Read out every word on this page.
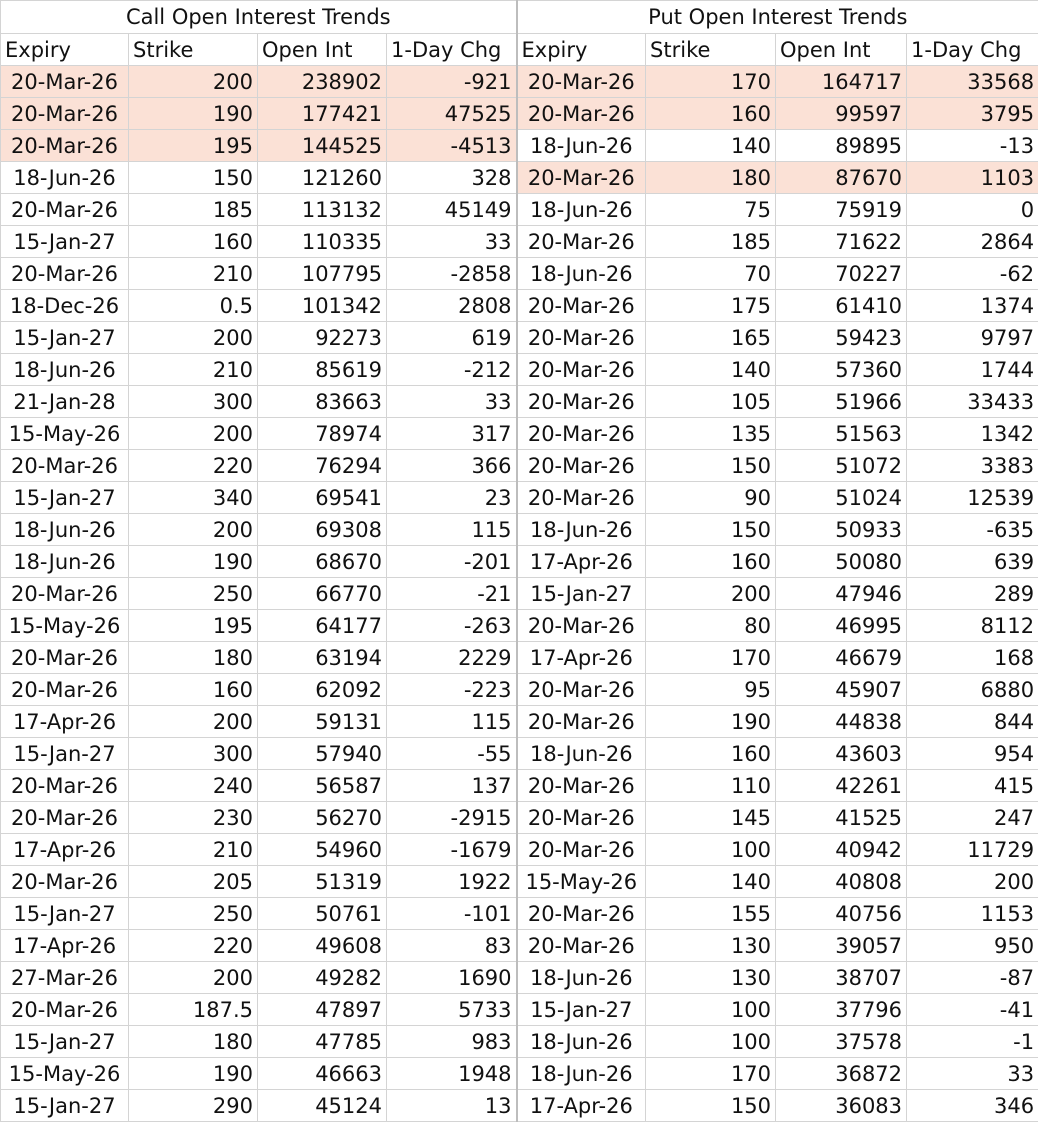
Call Open Interest Trends				Put Open Interest Trends			
Expiry	Strike	Open Int	1-Day Chg	Expiry	Strike	Open Int	1-Day Chg
20-Mar-26	200	238902	-921	20-Mar-26	170	164717	33568
20-Mar-26	190	177421	47525	20-Mar-26	160	99597	3795
20-Mar-26	195	144525	-4513	18-Jun-26	140	89895	-13
18-Jun-26	150	121260	328	20-Mar-26	180	87670	1103
20-Mar-26	185	113132	45149	18-Jun-26	75	75919	0
15-Jan-27	160	110335	33	20-Mar-26	185	71622	2864
20-Mar-26	210	107795	-2858	18-Jun-26	70	70227	-62
18-Dec-26	0.5	101342	2808	20-Mar-26	175	61410	1374
15-Jan-27	200	92273	619	20-Mar-26	165	59423	9797
18-Jun-26	210	85619	-212	20-Mar-26	140	57360	1744
21-Jan-28	300	83663	33	20-Mar-26	105	51966	33433
15-May-26	200	78974	317	20-Mar-26	135	51563	1342
20-Mar-26	220	76294	366	20-Mar-26	150	51072	3383
15-Jan-27	340	69541	23	20-Mar-26	90	51024	12539
18-Jun-26	200	69308	115	18-Jun-26	150	50933	-635
18-Jun-26	190	68670	-201	17-Apr-26	160	50080	639
20-Mar-26	250	66770	-21	15-Jan-27	200	47946	289
15-May-26	195	64177	-263	20-Mar-26	80	46995	8112
20-Mar-26	180	63194	2229	17-Apr-26	170	46679	168
20-Mar-26	160	62092	-223	20-Mar-26	95	45907	6880
17-Apr-26	200	59131	115	20-Mar-26	190	44838	844
15-Jan-27	300	57940	-55	18-Jun-26	160	43603	954
20-Mar-26	240	56587	137	20-Mar-26	110	42261	415
20-Mar-26	230	56270	-2915	20-Mar-26	145	41525	247
17-Apr-26	210	54960	-1679	20-Mar-26	100	40942	11729
20-Mar-26	205	51319	1922	15-May-26	140	40808	200
15-Jan-27	250	50761	-101	20-Mar-26	155	40756	1153
17-Apr-26	220	49608	83	20-Mar-26	130	39057	950
27-Mar-26	200	49282	1690	18-Jun-26	130	38707	-87
20-Mar-26	187.5	47897	5733	15-Jan-27	100	37796	-41
15-Jan-27	180	47785	983	18-Jun-26	100	37578	-1
15-May-26	190	46663	1948	18-Jun-26	170	36872	33
15-Jan-27	290	45124	13	17-Apr-26	150	36083	346
